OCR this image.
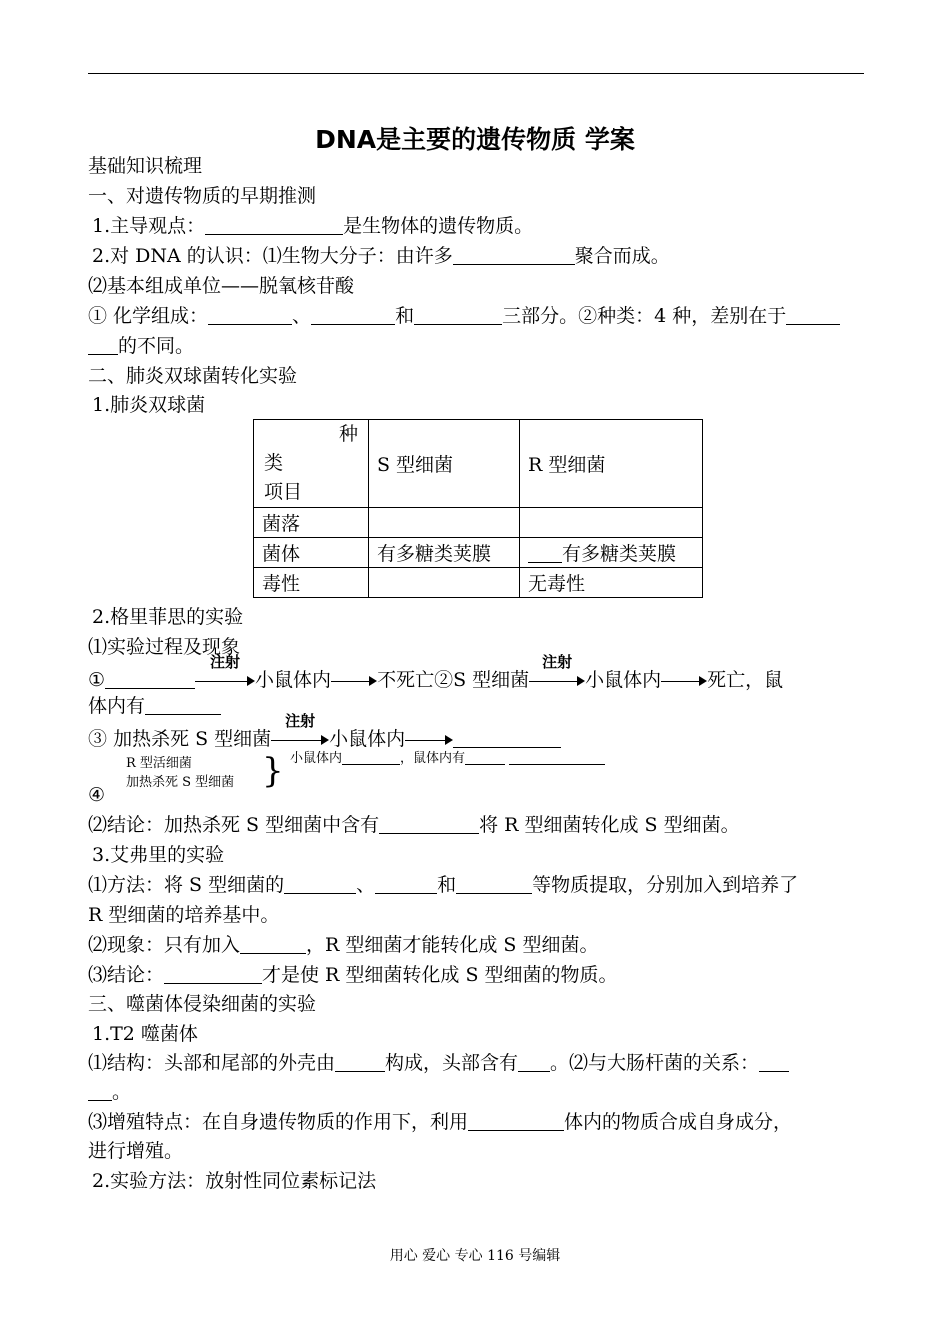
DNA是主要的遗传物质 学案
基础知识梳理
一、对遗传物质的早期推测
1.主导观点：	是生物体的遗传物质。
2.对 DNA 的认识：⑴生物大分子：由许多	聚合而成。
⑵基本组成单位——脱氧核苷酸
① 化学组成：	、	和	三部分。②种类：4 种，差别在于
的不同。
二、肺炎双球菌转化实验
1.肺炎双球菌
种
类
项目	S 型细菌	R 型细菌
菌落		
菌体	有多糖类荚膜	有多糖类荚膜
毒性		无毒性
2.格里菲思的实验
⑴实验过程及现象
①
注射
小鼠体内 不死亡②S 型细菌
注射
小鼠体内 死亡，鼠
体内有
③ 加热杀死 S 型细菌
注射
小鼠体内
R 型活细菌
加热杀死 S 型细菌 } 小鼠体内	，鼠体内有
④
⑵结论：加热杀死 S 型细菌中含有	将 R 型细菌转化成 S 型细菌。
3.艾弗里的实验
⑴方法：将 S 型细菌的	、	和	等物质提取，分别加入到培养了
R 型细菌的培养基中。
⑵现象：只有加入	，R 型细菌才能转化成 S 型细菌。
⑶结论：	才是使 R 型细菌转化成 S 型细菌的物质。
三、噬菌体侵染细菌的实验
1.T2 噬菌体
⑴结构：头部和尾部的外壳由	构成，头部含有 。⑵与大肠杆菌的关系：
。
⑶增殖特点：在自身遗传物质的作用下，利用	体内的物质合成自身成分，
进行增殖。
2.实验方法：放射性同位素标记法
用心 爱心 专心 116 号编辑
